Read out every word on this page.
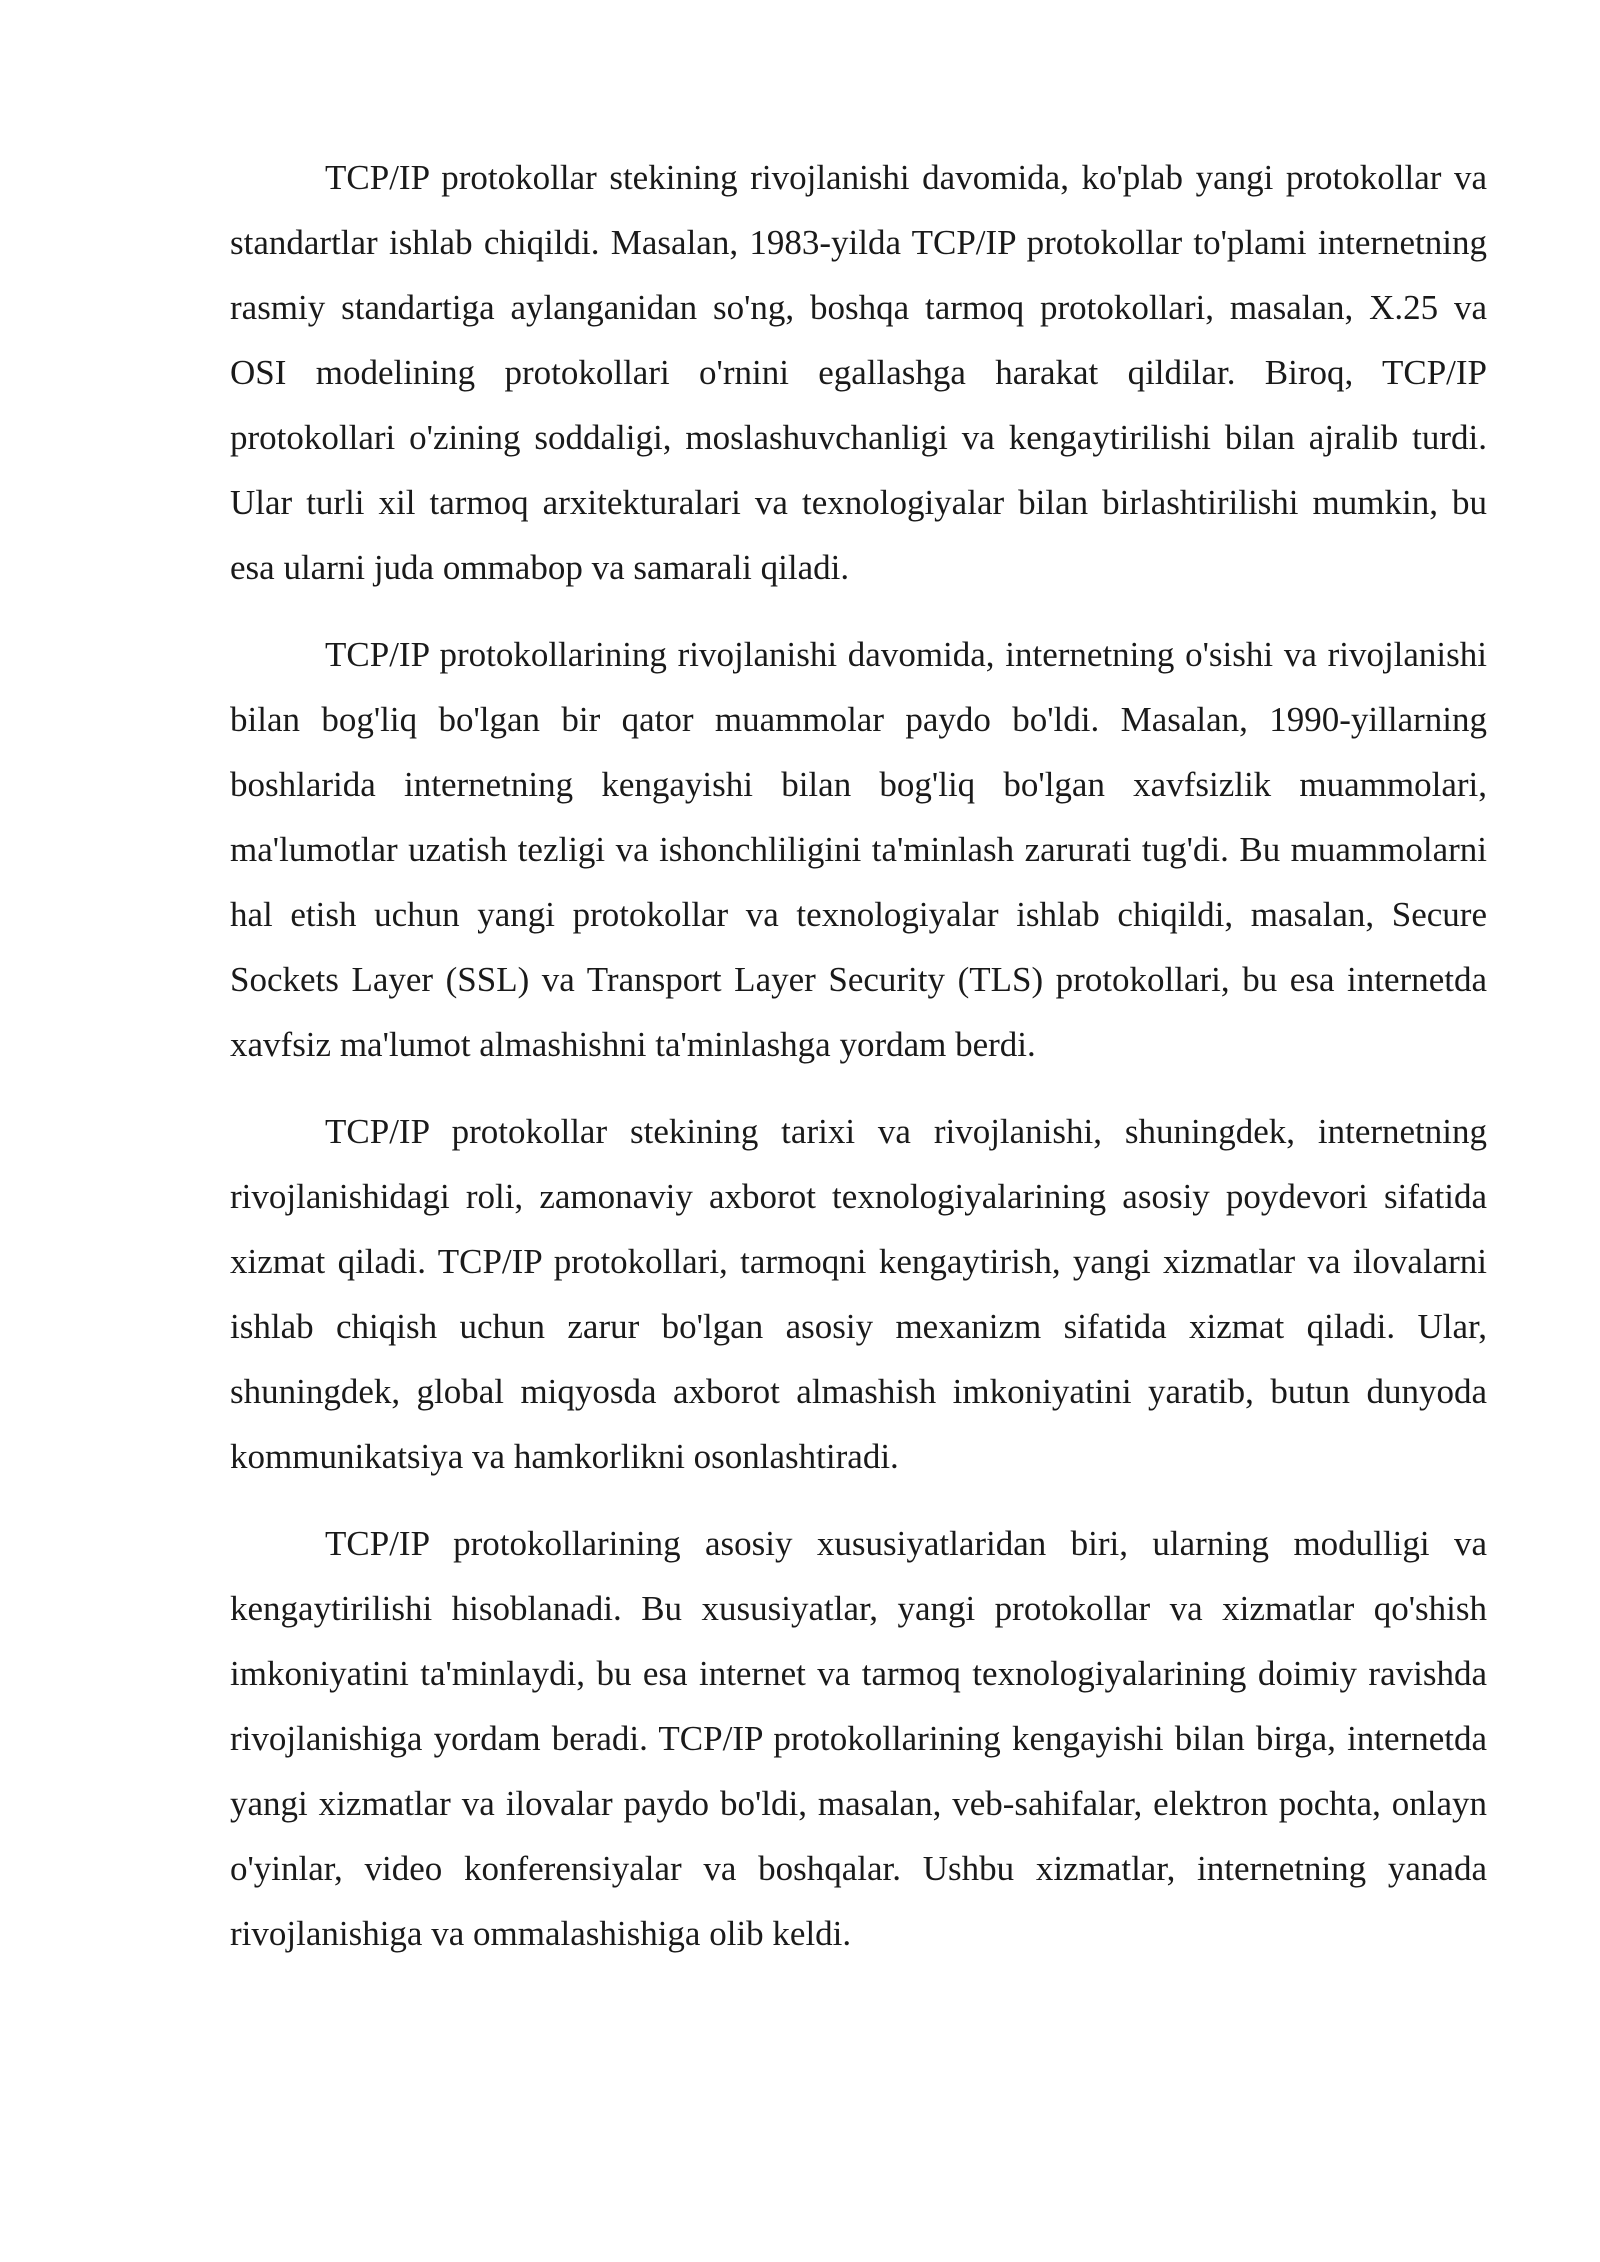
TCP/IP protokollar stekining rivojlanishi davomida, ko'plab yangi protokollar va standartlar ishlab chiqildi. Masalan, 1983-yilda TCP/IP protokollar to'plami internetning rasmiy standartiga aylanganidan so'ng, boshqa tarmoq protokollari, masalan, X.25 va OSI modelining protokollari o'rnini egallashga harakat qildilar. Biroq, TCP/IP protokollari o'zining soddaligi, moslashuvchanligi va kengaytirilishi bilan ajralib turdi. Ular turli xil tarmoq arxitekturalari va texnologiyalar bilan birlashtirilishi mumkin, bu esa ularni juda ommabop va samarali qiladi.

TCP/IP protokollarining rivojlanishi davomida, internetning o'sishi va rivojlanishi bilan bog'liq bo'lgan bir qator muammolar paydo bo'ldi. Masalan, 1990-yillarning boshlarida internetning kengayishi bilan bog'liq bo'lgan xavfsizlik muammolari, ma'lumotlar uzatish tezligi va ishonchliligini ta'minlash zarurati tug'di. Bu muammolarni hal etish uchun yangi protokollar va texnologiyalar ishlab chiqildi, masalan, Secure Sockets Layer (SSL) va Transport Layer Security (TLS) protokollari, bu esa internetda xavfsiz ma'lumot almashishni ta'minlashga yordam berdi.

TCP/IP protokollar stekining tarixi va rivojlanishi, shuningdek, internetning rivojlanishidagi roli, zamonaviy axborot texnologiyalarining asosiy poydevori sifatida xizmat qiladi. TCP/IP protokollari, tarmoqni kengaytirish, yangi xizmatlar va ilovalarni ishlab chiqish uchun zarur bo'lgan asosiy mexanizm sifatida xizmat qiladi. Ular, shuningdek, global miqyosda axborot almashish imkoniyatini yaratib, butun dunyoda kommunikatsiya va hamkorlikni osonlashtiradi.

TCP/IP protokollarining asosiy xususiyatlaridan biri, ularning modulligi va kengaytirilishi hisoblanadi. Bu xususiyatlar, yangi protokollar va xizmatlar qo'shish imkoniyatini ta'minlaydi, bu esa internet va tarmoq texnologiyalarining doimiy ravishda rivojlanishiga yordam beradi. TCP/IP protokollarining kengayishi bilan birga, internetda yangi xizmatlar va ilovalar paydo bo'ldi, masalan, veb-sahifalar, elektron pochta, onlayn o'yinlar, video konferensiyalar va boshqalar. Ushbu xizmatlar, internetning yanada rivojlanishiga va ommalashishiga olib keldi.
